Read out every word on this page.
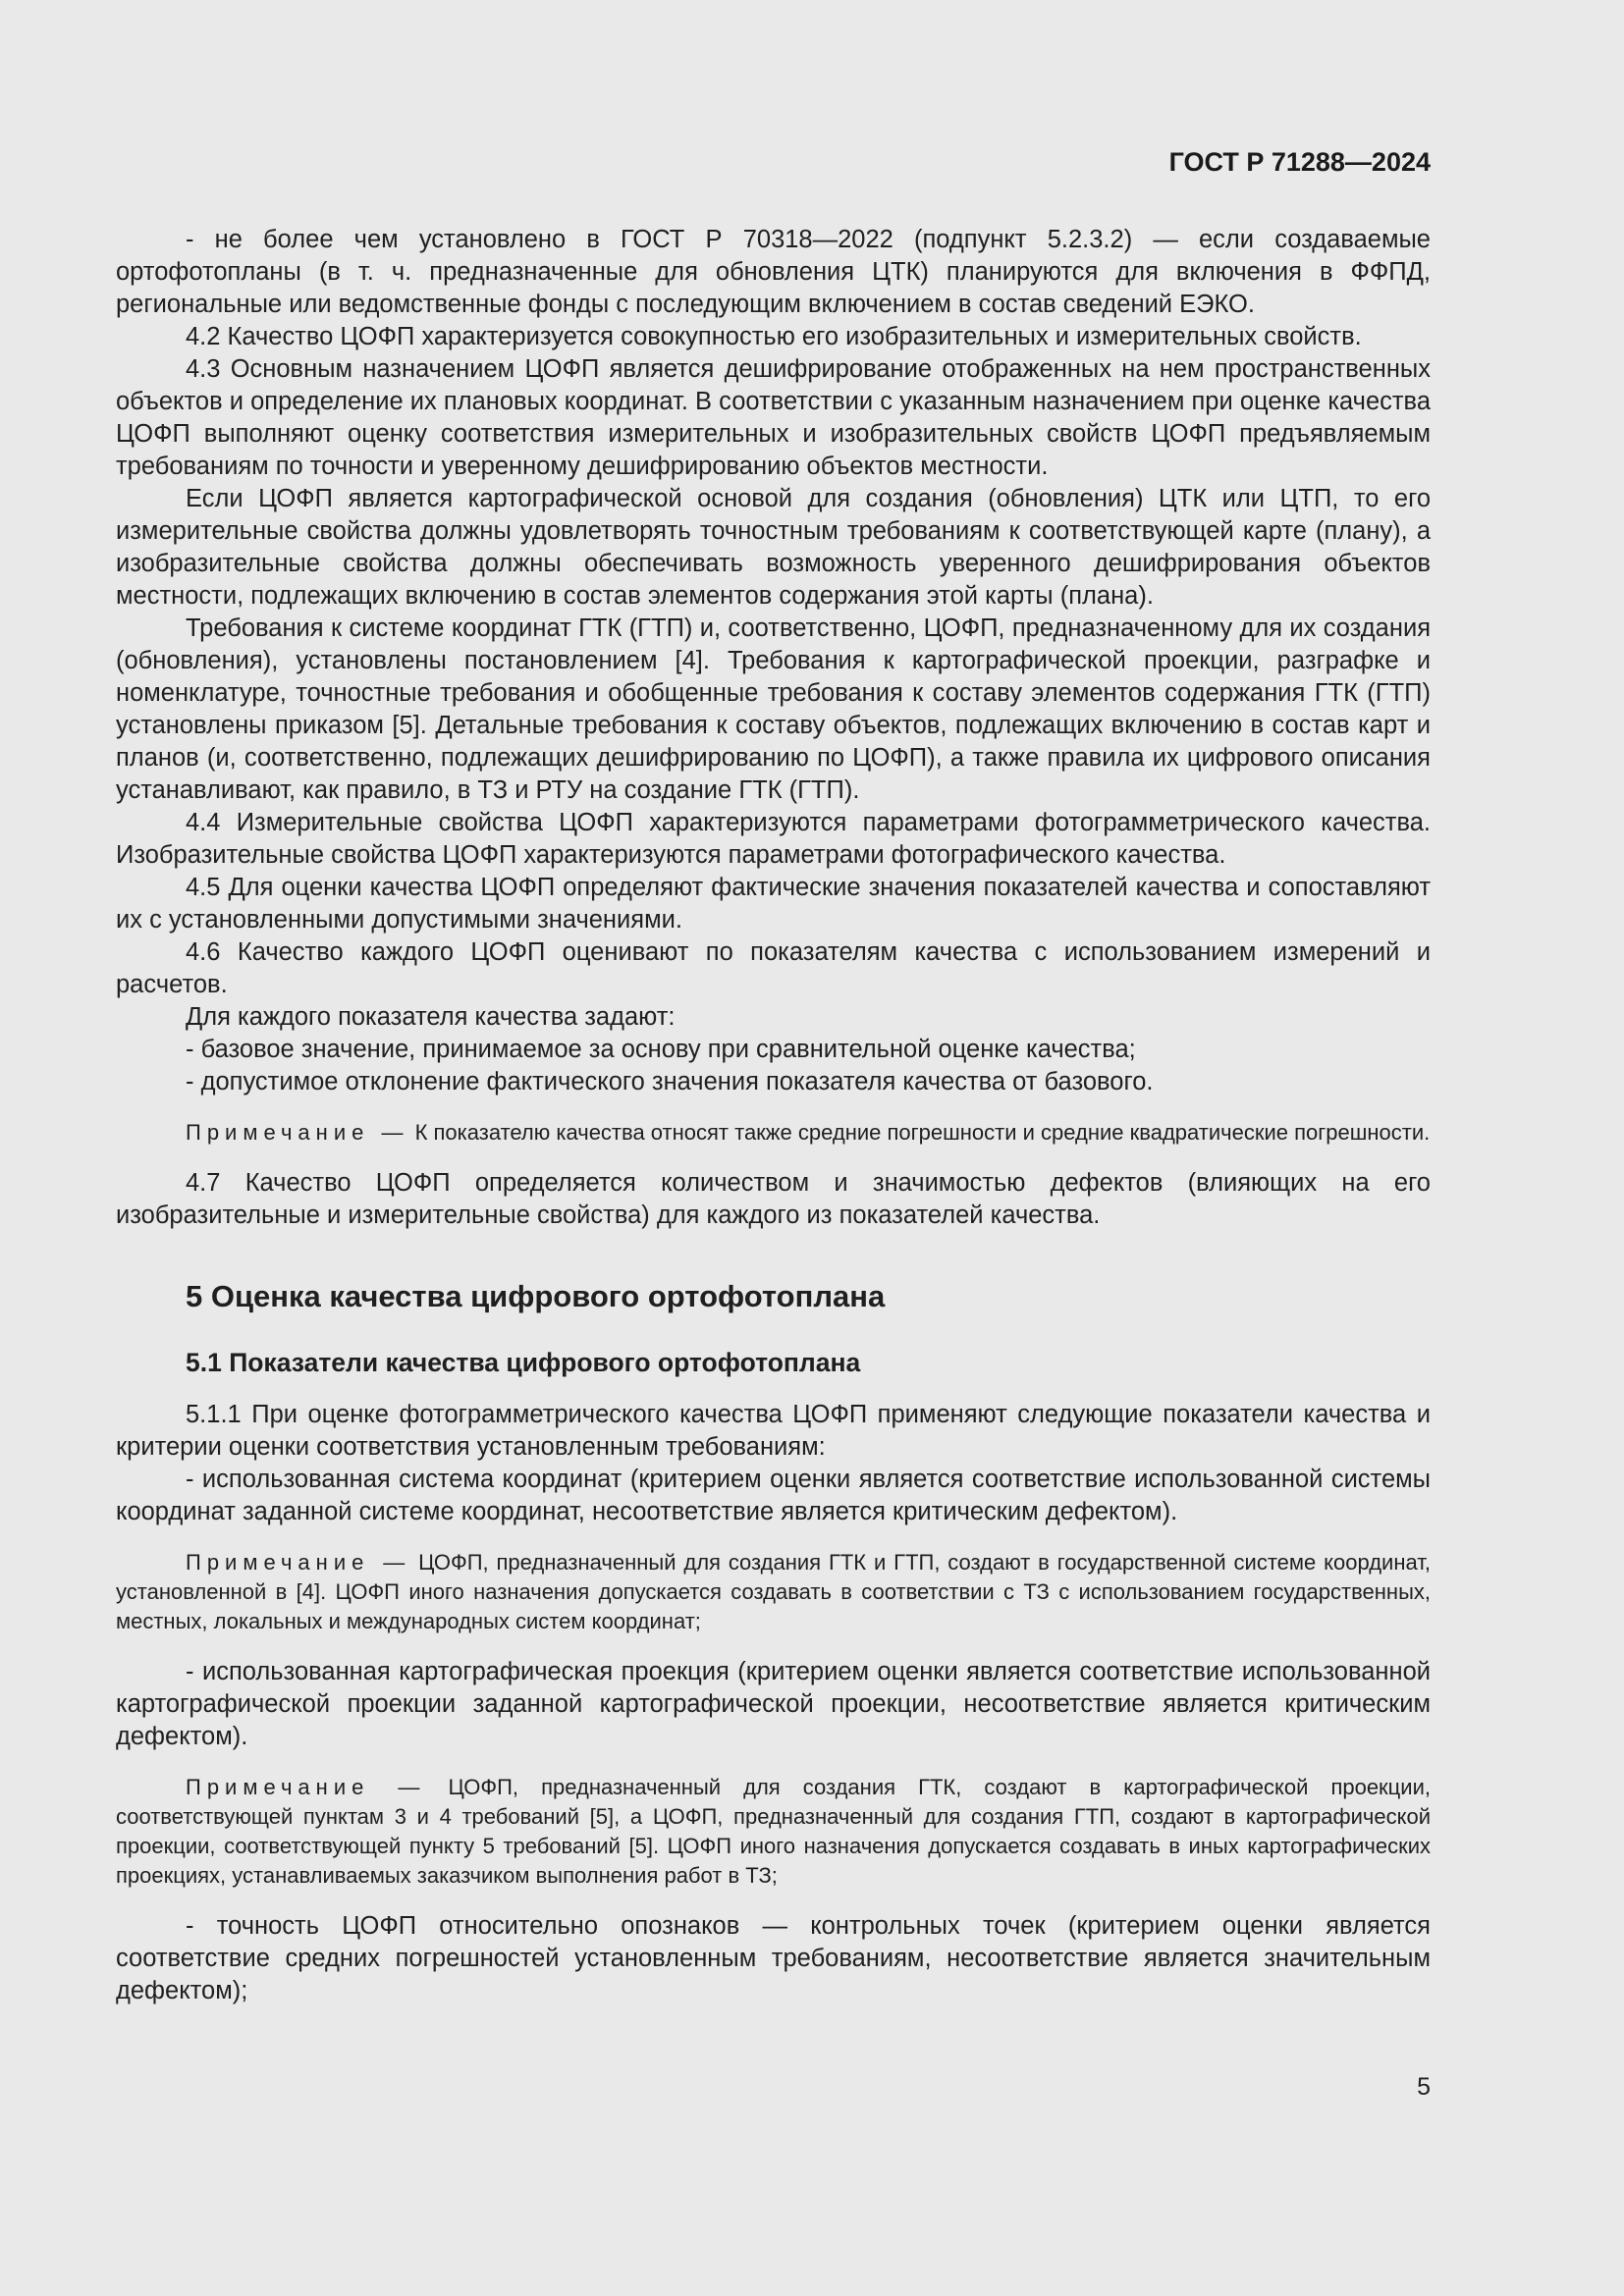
ГОСТ Р 71288—2024

- не более чем установлено в ГОСТ Р 70318—2022 (подпункт 5.2.3.2) — если создаваемые ортофотопланы (в т. ч. предназначенные для обновления ЦТК) планируются для включения в ФФПД, региональные или ведомственные фонды с последующим включением в состав сведений ЕЭКО.

4.2 Качество ЦОФП характеризуется совокупностью его изобразительных и измерительных свойств.

4.3 Основным назначением ЦОФП является дешифрирование отображенных на нем пространственных объектов и определение их плановых координат. В соответствии с указанным назначением при оценке качества ЦОФП выполняют оценку соответствия измерительных и изобразительных свойств ЦОФП предъявляемым требованиям по точности и уверенному дешифрированию объектов местности.

Если ЦОФП является картографической основой для создания (обновления) ЦТК или ЦТП, то его измерительные свойства должны удовлетворять точностным требованиям к соответствующей карте (плану), а изобразительные свойства должны обеспечивать возможность уверенного дешифрирования объектов местности, подлежащих включению в состав элементов содержания этой карты (плана).

Требования к системе координат ГТК (ГТП) и, соответственно, ЦОФП, предназначенному для их создания (обновления), установлены постановлением [4]. Требования к картографической проекции, разграфке и номенклатуре, точностные требования и обобщенные требования к составу элементов содержания ГТК (ГТП) установлены приказом [5]. Детальные требования к составу объектов, подлежащих включению в состав карт и планов (и, соответственно, подлежащих дешифрированию по ЦОФП), а также правила их цифрового описания устанавливают, как правило, в ТЗ и РТУ на создание ГТК (ГТП).

4.4 Измерительные свойства ЦОФП характеризуются параметрами фотограмметрического качества. Изобразительные свойства ЦОФП характеризуются параметрами фотографического качества.

4.5 Для оценки качества ЦОФП определяют фактические значения показателей качества и сопоставляют их с установленными допустимыми значениями.

4.6 Качество каждого ЦОФП оценивают по показателям качества с использованием измерений и расчетов.

Для каждого показателя качества задают:

- базовое значение, принимаемое за основу при сравнительной оценке качества;

- допустимое отклонение фактического значения показателя качества от базового.

Примечание — К показателю качества относят также средние погрешности и средние квадратические погрешности.

4.7 Качество ЦОФП определяется количеством и значимостью дефектов (влияющих на его изобразительные и измерительные свойства) для каждого из показателей качества.

5 Оценка качества цифрового ортофотоплана
5.1 Показатели качества цифрового ортофотоплана

5.1.1 При оценке фотограмметрического качества ЦОФП применяют следующие показатели качества и критерии оценки соответствия установленным требованиям:

- использованная система координат (критерием оценки является соответствие использованной системы координат заданной системе координат, несоответствие является критическим дефектом).

Примечание — ЦОФП, предназначенный для создания ГТК и ГТП, создают в государственной системе координат, установленной в [4]. ЦОФП иного назначения допускается создавать в соответствии с ТЗ с использованием государственных, местных, локальных и международных систем координат;

- использованная картографическая проекция (критерием оценки является соответствие использованной картографической проекции заданной картографической проекции, несоответствие является критическим дефектом).

Примечание — ЦОФП, предназначенный для создания ГТК, создают в картографической проекции, соответствующей пунктам 3 и 4 требований [5], а ЦОФП, предназначенный для создания ГТП, создают в картографической проекции, соответствующей пункту 5 требований [5]. ЦОФП иного назначения допускается создавать в иных картографических проекциях, устанавливаемых заказчиком выполнения работ в ТЗ;

- точность ЦОФП относительно опознаков — контрольных точек (критерием оценки является соответствие средних погрешностей установленным требованиям, несоответствие является значительным дефектом);

5
